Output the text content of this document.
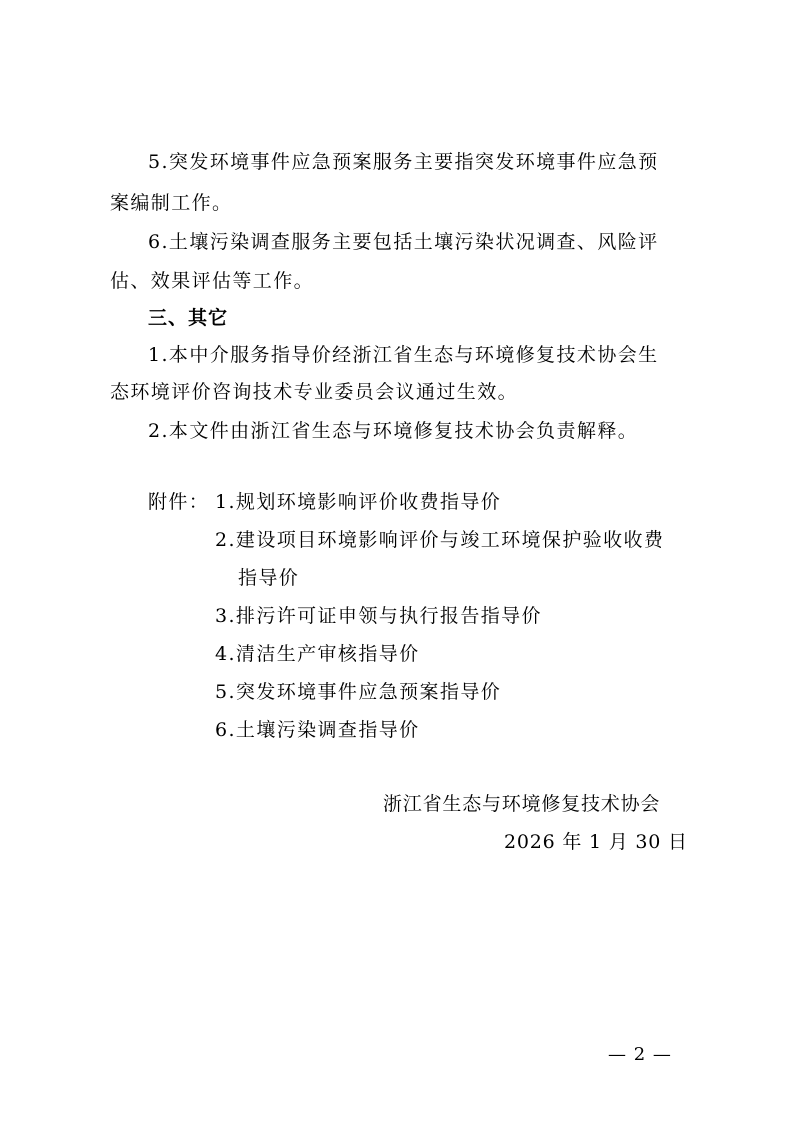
5.突发环境事件应急预案服务主要指突发环境事件应急预
案编制工作。
6.土壤污染调查服务主要包括土壤污染状况调查、风险评
估、效果评估等工作。
三、其它
1.本中介服务指导价经浙江省生态与环境修复技术协会生
态环境评价咨询技术专业委员会议通过生效。
2.本文件由浙江省生态与环境修复技术协会负责解释。
附件： 1.规划环境影响评价收费指导价
2.建设项目环境影响评价与竣工环境保护验收收费
指导价
3.排污许可证申领与执行报告指导价
4.清洁生产审核指导价
5.突发环境事件应急预案指导价
6.土壤污染调查指导价
浙江省生态与环境修复技术协会
2026 年 1 月 30 日
— 2 —
